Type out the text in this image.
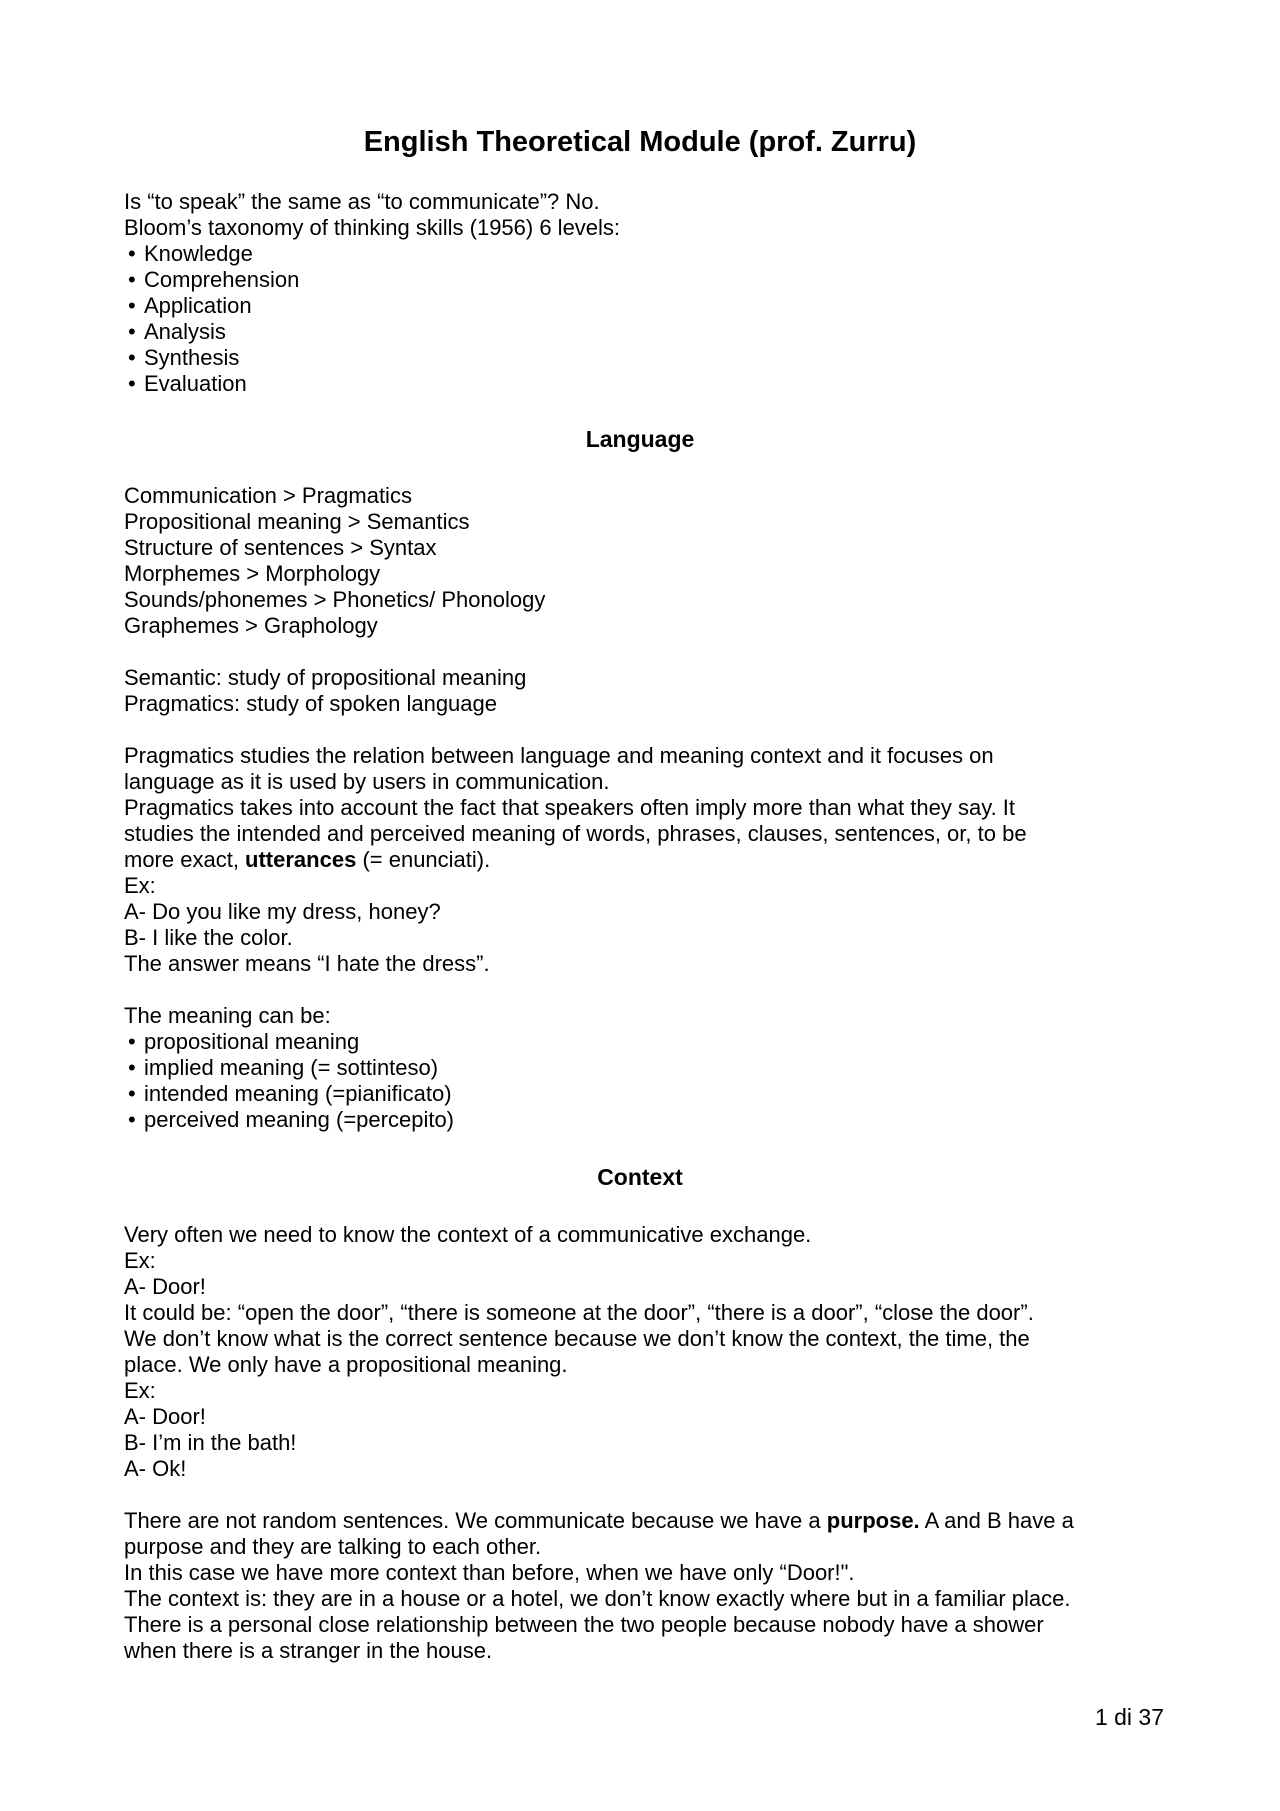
English Theoretical Module (prof. Zurru)
Is “to speak” the same as “to communicate”? No.
Bloom’s taxonomy of thinking skills (1956) 6 levels:
• Knowledge
• Comprehension
• Application
• Analysis
• Synthesis
• Evaluation
Language
Communication > Pragmatics
Propositional meaning > Semantics
Structure of sentences > Syntax
Morphemes > Morphology
Sounds/phonemes > Phonetics/ Phonology
Graphemes > Graphology
Semantic: study of propositional meaning
Pragmatics: study of spoken language
Pragmatics studies the relation between language and meaning context and it focuses on
language as it is used by users in communication.
Pragmatics takes into account the fact that speakers often imply more than what they say. It
studies the intended and perceived meaning of words, phrases, clauses, sentences, or, to be
more exact, utterances (= enunciati).
Ex:
A- Do you like my dress, honey?
B- I like the color.
The answer means “I hate the dress”.
The meaning can be:
• propositional meaning
• implied meaning (= sottinteso)
• intended meaning (=pianificato)
• perceived meaning (=percepito)
Context
Very often we need to know the context of a communicative exchange.
Ex:
A- Door!
It could be: “open the door”, “there is someone at the door”, “there is a door”, “close the door”.
We don’t know what is the correct sentence because we don’t know the context, the time, the
place. We only have a propositional meaning.
Ex:
A- Door!
B- I’m in the bath!
A- Ok!
There are not random sentences. We communicate because we have a purpose. A and B have a
purpose and they are talking to each other.
In this case we have more context than before, when we have only “Door!".
The context is: they are in a house or a hotel, we don’t know exactly where but in a familiar place.
There is a personal close relationship between the two people because nobody have a shower
when there is a stranger in the house.
1 di 37
